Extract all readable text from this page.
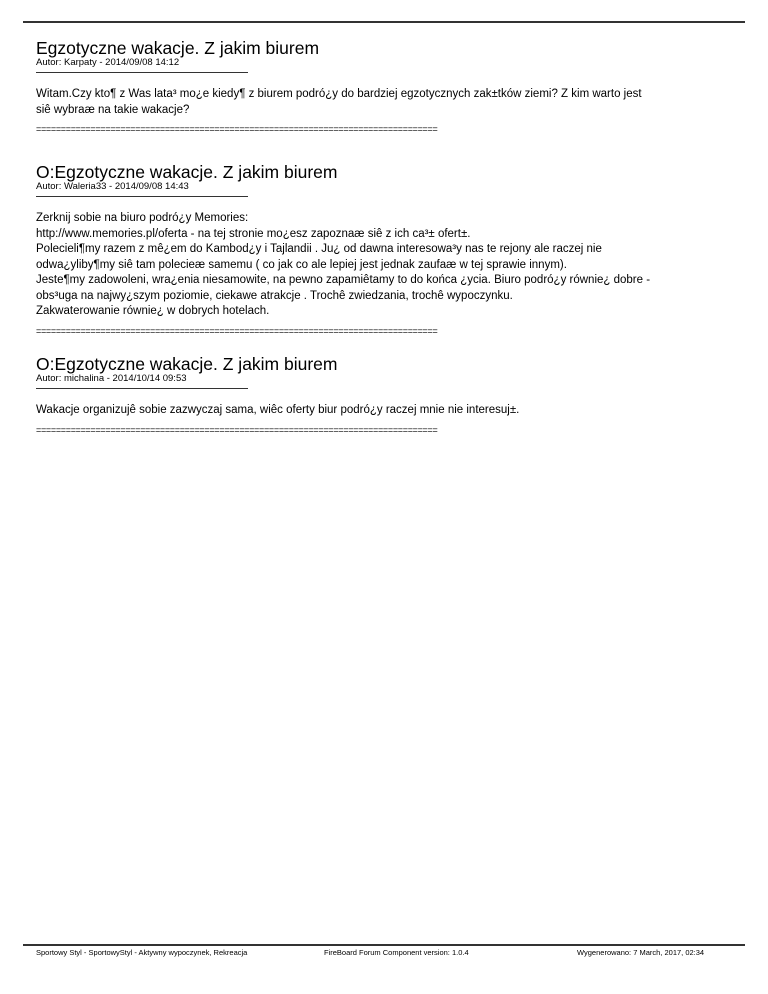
Egzotyczne wakacje. Z jakim biurem
Autor: Karpaty - 2014/09/08 14:12
Witam.Czy kto¶ z Was lata³ mo¿e kiedy¶ z biurem podró¿y do bardziej egzotycznych zak±tków ziemi? Z kim warto jest
siê wybraæ na takie wakacje?
=================================================================================
O:Egzotyczne wakacje. Z jakim biurem
Autor: Waleria33 - 2014/09/08 14:43
Zerknij sobie na biuro podró¿y Memories:
http://www.memories.pl/oferta - na tej stronie mo¿esz zapoznaæ siê z ich ca³± ofert±.
Polecieli¶my razem z mê¿em do Kambod¿y i Tajlandii . Ju¿ od dawna interesowa³y nas te rejony ale raczej nie
odwa¿yliby¶my siê tam polecieæ samemu ( co jak co ale lepiej jest jednak zaufaæ w tej sprawie innym).
Jeste¶my zadowoleni, wra¿enia niesamowite, na pewno zapamiêtamy to do końca ¿ycia. Biuro podró¿y równie¿ dobre -
obs³uga na najwy¿szym poziomie, ciekawe atrakcje . Trochê zwiedzania, trochê wypoczynku.
Zakwaterowanie równie¿ w dobrych hotelach.
=================================================================================
O:Egzotyczne wakacje. Z jakim biurem
Autor: michalina - 2014/10/14 09:53
Wakacje organizujê sobie zazwyczaj sama, wiêc oferty biur podró¿y raczej mnie nie interesuj±.
=================================================================================
Sportowy Styl - SportowyStyl - Aktywny wypoczynek, Rekreacja	FireBoard Forum Component version: 1.0.4	Wygenerowano: 7 March, 2017, 02:34
